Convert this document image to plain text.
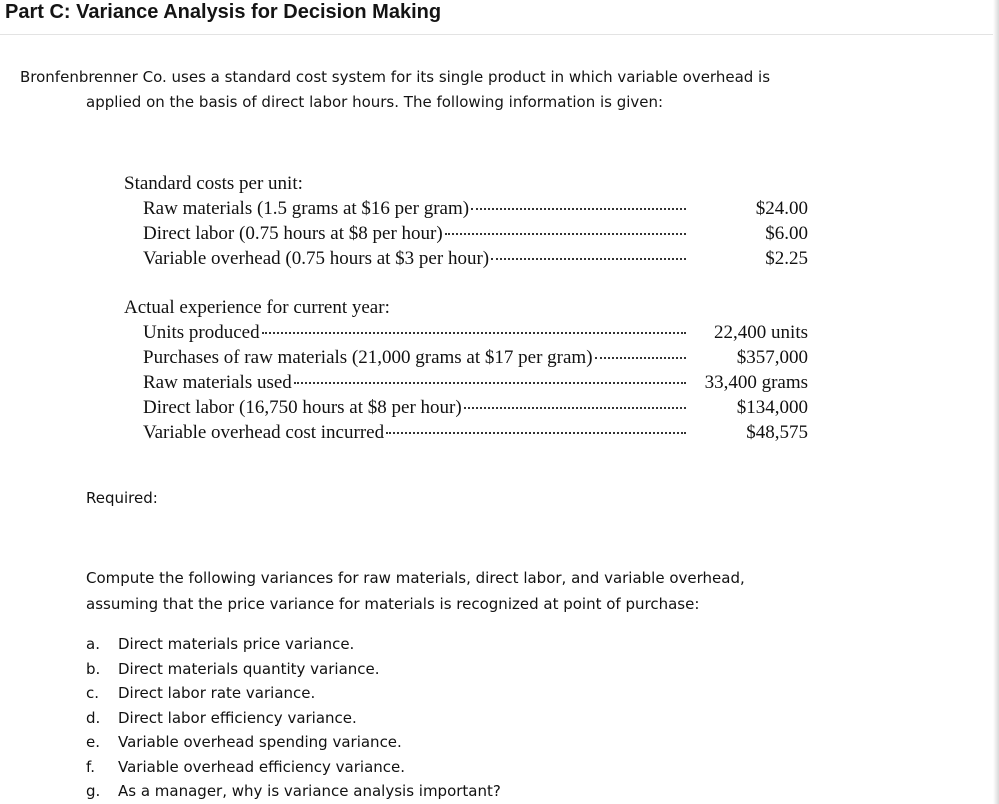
Part C: Variance Analysis for Decision Making
Bronfenbrenner Co. uses a standard cost system for its single product in which variable overhead is
applied on the basis of direct labor hours. The following information is given:
Standard costs per unit:
Raw materials (1.5 grams at $16 per gram)	$24.00
Direct labor (0.75 hours at $8 per hour)	$6.00
Variable overhead (0.75 hours at $3 per hour)	$2.25
Actual experience for current year:
Units produced	22,400 units
Purchases of raw materials (21,000 grams at $17 per gram)	$357,000
Raw materials used	33,400 grams
Direct labor (16,750 hours at $8 per hour)	$134,000
Variable overhead cost incurred	$48,575
Required:
Compute the following variances for raw materials, direct labor, and variable overhead,
assuming that the price variance for materials is recognized at point of purchase:
a. Direct materials price variance.
b. Direct materials quantity variance.
c. Direct labor rate variance.
d. Direct labor efficiency variance.
e. Variable overhead spending variance.
f. Variable overhead efficiency variance.
g. As a manager, why is variance analysis important?
